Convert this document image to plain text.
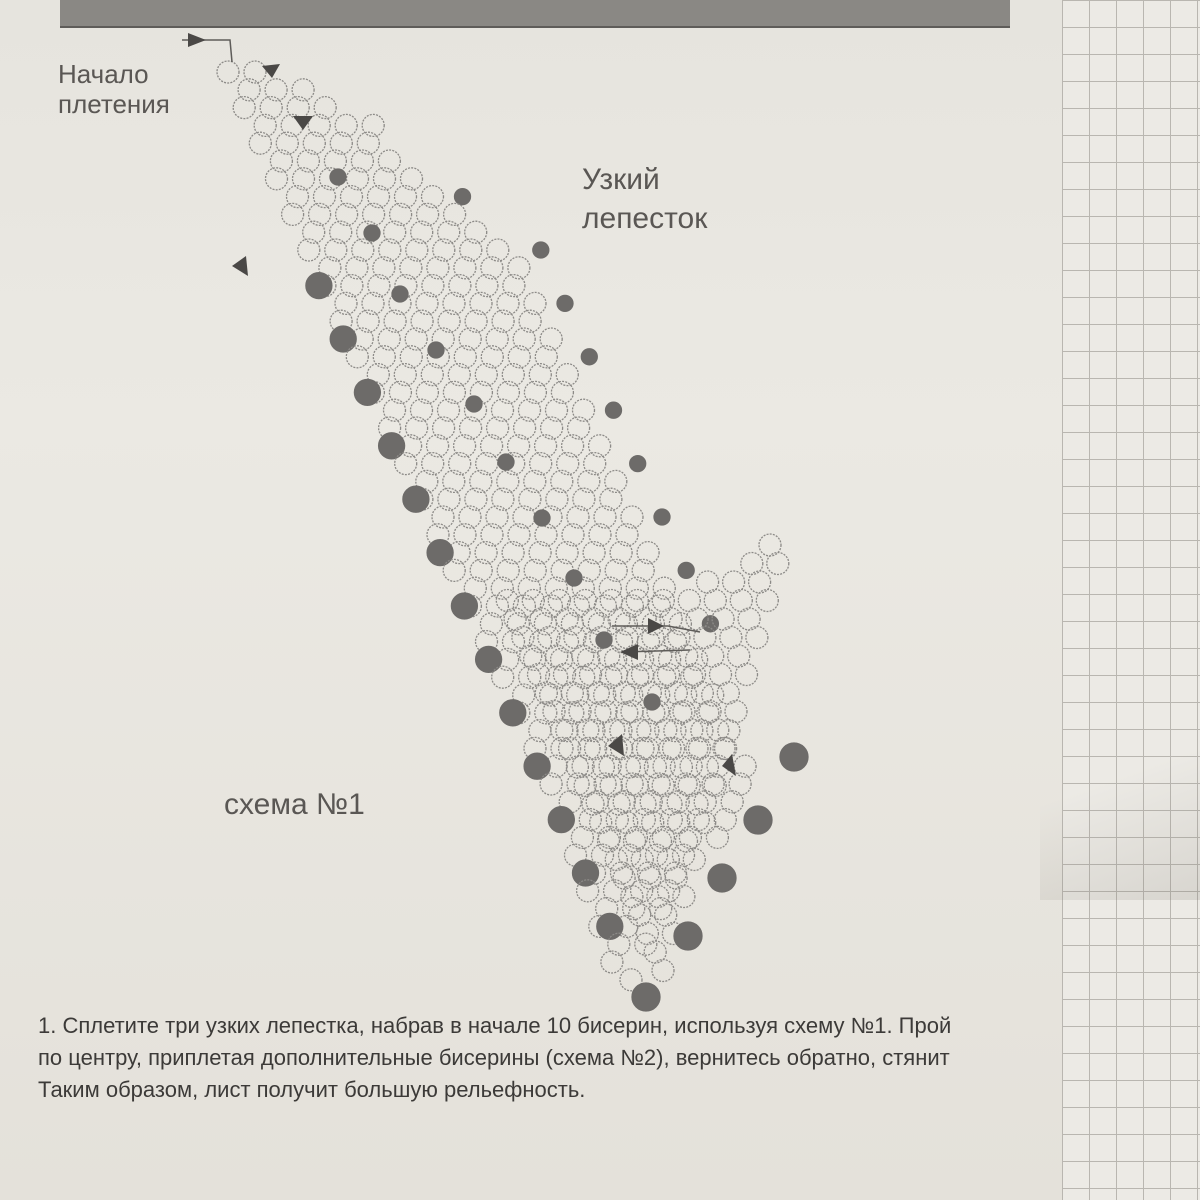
Начало
плетения
Узкий
лепесток
схема №1
1. Сплетите три узких лепестка, набрав в начале 10 бисерин, используя схему №1. Прой
по центру, приплетая дополнительные бисерины (схема №2), вернитесь обратно, стянит
Таким образом, лист получит большую рельефность.
